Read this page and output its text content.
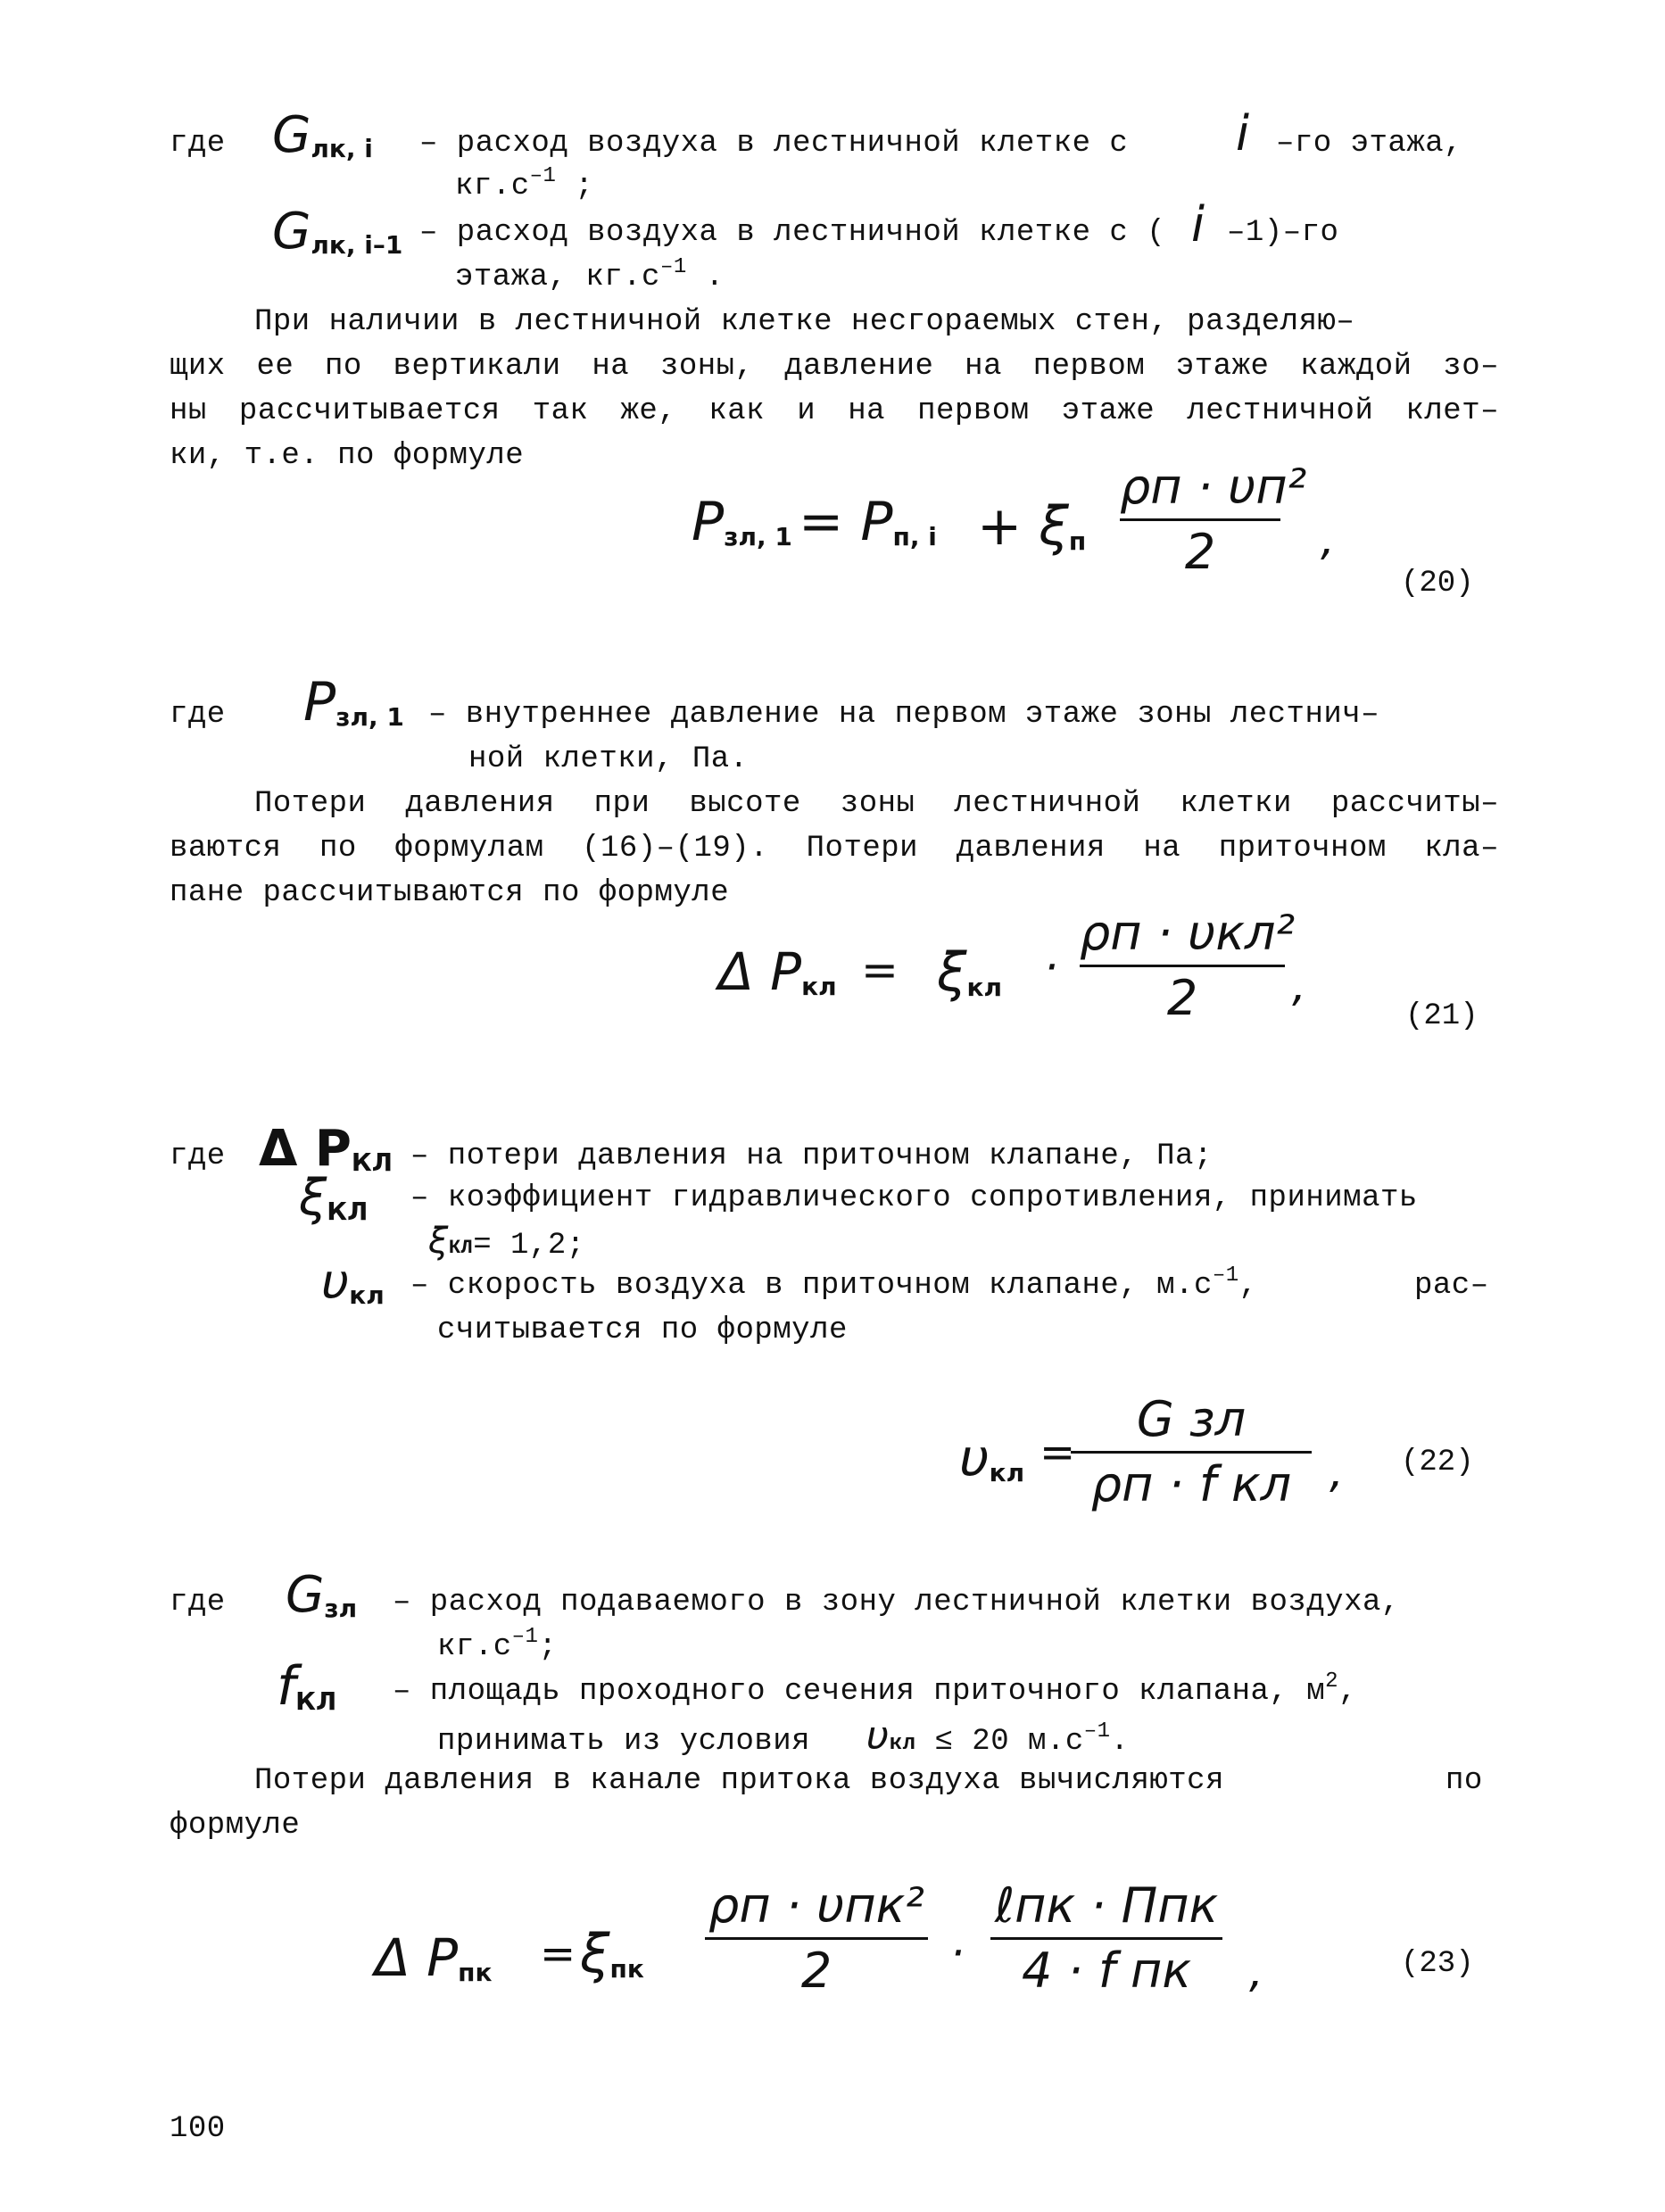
где $G_{лк, i}$ – расход воздуха в лестничной клетке с i –го этажа,
$кг.с^{-1}$ ;
$G_{лк, i-1}$ – расход воздуха в лестничной клетке с ( i –1)–го
этажа, $кг.с^{-1}$ .
При наличии в лестничной клетке несгораемых стен, разделяю–
щих ее по вертикали на зоны, давление на первом этаже каждой зо–
ны рассчитывается так же, как и на первом этаже лестничной клет–
ки, т.е. по формуле
$P_{зл, 1} = P_{п, i} + \xi_п$
ρп · υп²
2	,
(20)
где $P_{зл, 1}$ – внутреннее давление на первом этаже зоны лестнич–
ной клетки, Па.
Потери давления при высоте зоны лестничной клетки рассчиты–
ваются по формулам (16)–(19). Потери давления на приточном кла–
пане рассчитываются по формуле
Δ $P_{кл} = \xi_{кл}$ ·
ρп · υкл²
2	,
(21)
где Δ $P_{КЛ}$ – потери давления на приточном клапане, Па;
$\xi_{КЛ}$ – коэффициент гидравлического сопротивления, принимать
ξКЛ= 1,2;
$\upsilon_{кл}$ – скорость воздуха в приточном клапане, $м.с^{-1}$,	рас–
считывается по формуле
$\upsilon_{кл}$ =
G зл
ρп · f кл , (22)
где $G_{зл}$ – расход подаваемого в зону лестничной клетки воздуха,
$кг.с^{-1}$;
$f_{КЛ}$ – площадь проходного сечения приточного клапана, $м^2$,
принимать из условия υкл ≤ 20 $м.с^{-1}$.
Потери давления в канале притока воздуха вычисляются	по
формуле
Δ $P_{пк} = \xi_{пк}$
ρп · υпк²
2	·
ℓпк · Ппк
4 · f пк	,	(23)
100
